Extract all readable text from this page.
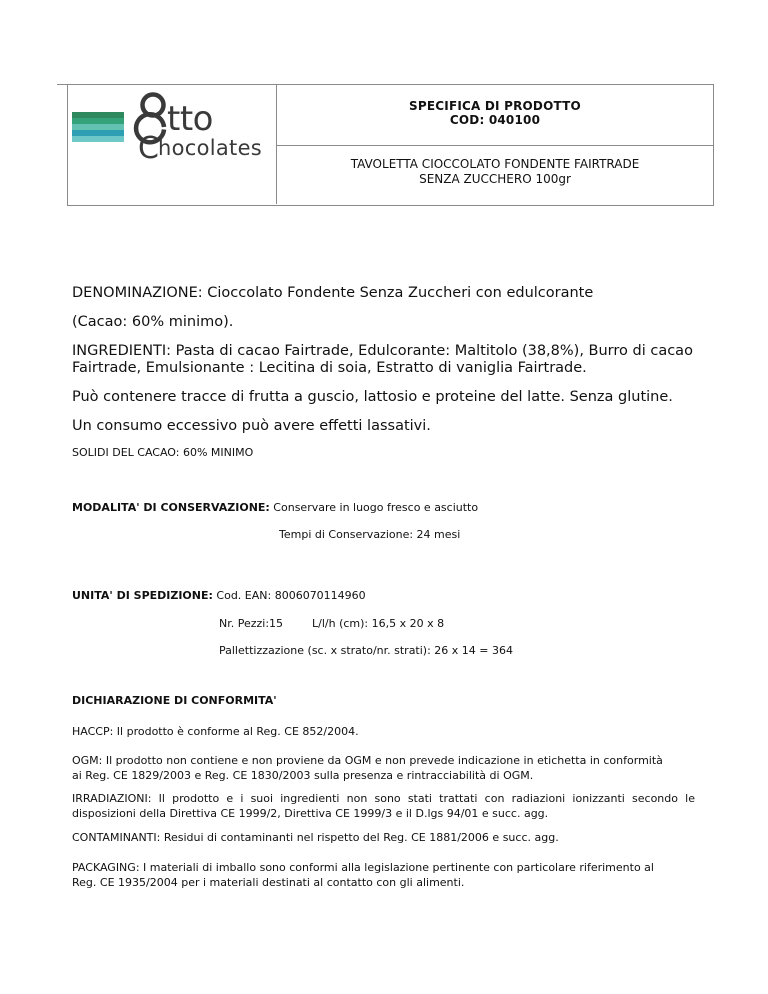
tto
C hocolates
SPECIFICA DI PRODOTTO
COD: 040100
TAVOLETTA CIOCCOLATO FONDENTE FAIRTRADE
SENZA ZUCCHERO 100gr
DENOMINAZIONE: Cioccolato Fondente Senza Zuccheri con edulcorante
(Cacao: 60% minimo).
INGREDIENTI: Pasta di cacao Fairtrade, Edulcorante: Maltitolo (38,8%), Burro di cacao
Fairtrade, Emulsionante : Lecitina di soia, Estratto di vaniglia Fairtrade.
Può contenere tracce di frutta a guscio, lattosio e proteine del latte. Senza glutine.
Un consumo eccessivo può avere effetti lassativi.
SOLIDI DEL CACAO: 60% MINIMO
MODALITA' DI CONSERVAZIONE: Conservare in luogo fresco e asciutto
Tempi di Conservazione: 24 mesi
UNITA' DI SPEDIZIONE: Cod. EAN: 8006070114960
Nr. Pezzi:15	L/l/h (cm): 16,5 x 20 x 8
Pallettizzazione (sc. x strato/nr. strati): 26 x 14 = 364
DICHIARAZIONE DI CONFORMITA'
HACCP: Il prodotto è conforme al Reg. CE 852/2004.
OGM: Il prodotto non contiene e non proviene da OGM e non prevede indicazione in etichetta in conformità
ai Reg. CE 1829/2003 e Reg. CE 1830/2003 sulla presenza e rintracciabilità di OGM.
IRRADIAZIONI: Il prodotto e i suoi ingredienti non sono stati trattati con radiazioni ionizzanti secondo le
disposizioni della Direttiva CE 1999/2, Direttiva CE 1999/3 e il D.lgs 94/01 e succ. agg.
CONTAMINANTI: Residui di contaminanti nel rispetto del Reg. CE 1881/2006 e succ. agg.
PACKAGING: I materiali di imballo sono conformi alla legislazione pertinente con particolare riferimento al
Reg. CE 1935/2004 per i materiali destinati al contatto con gli alimenti.
